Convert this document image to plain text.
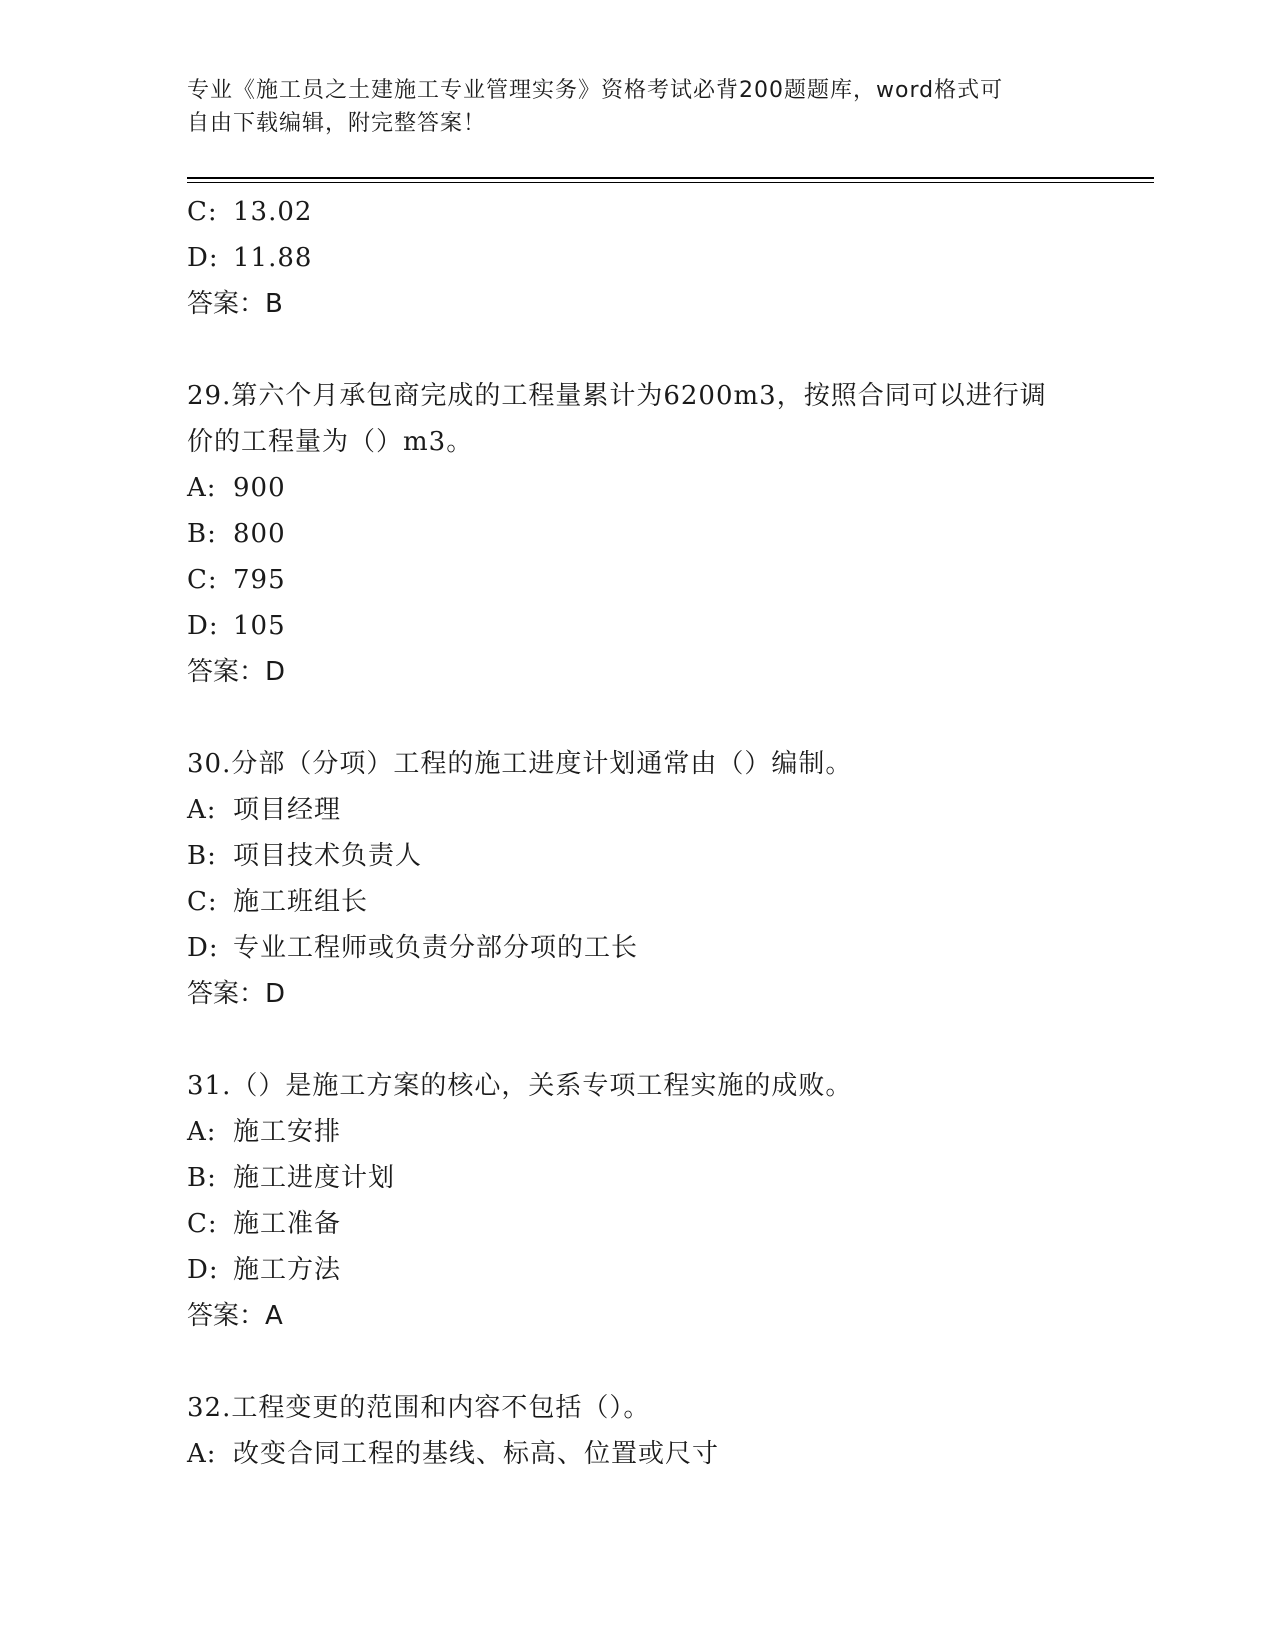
专业《施工员之土建施工专业管理实务》资格考试必背200题题库，word格式可
自由下载编辑，附完整答案！
C: 13.02
D: 11.88
答案：B
29.第六个月承包商完成的工程量累计为6200m3，按照合同可以进行调
价的工程量为（）m3。
A: 900
B: 800
C: 795
D: 105
答案：D
30.分部（分项）工程的施工进度计划通常由（）编制。
A: 项目经理
B: 项目技术负责人
C: 施工班组长
D: 专业工程师或负责分部分项的工长
答案：D
31.（）是施工方案的核心，关系专项工程实施的成败。
A: 施工安排
B: 施工进度计划
C: 施工准备
D: 施工方法
答案：A
32.工程变更的范围和内容不包括（）。
A: 改变合同工程的基线、标高、位置或尺寸
